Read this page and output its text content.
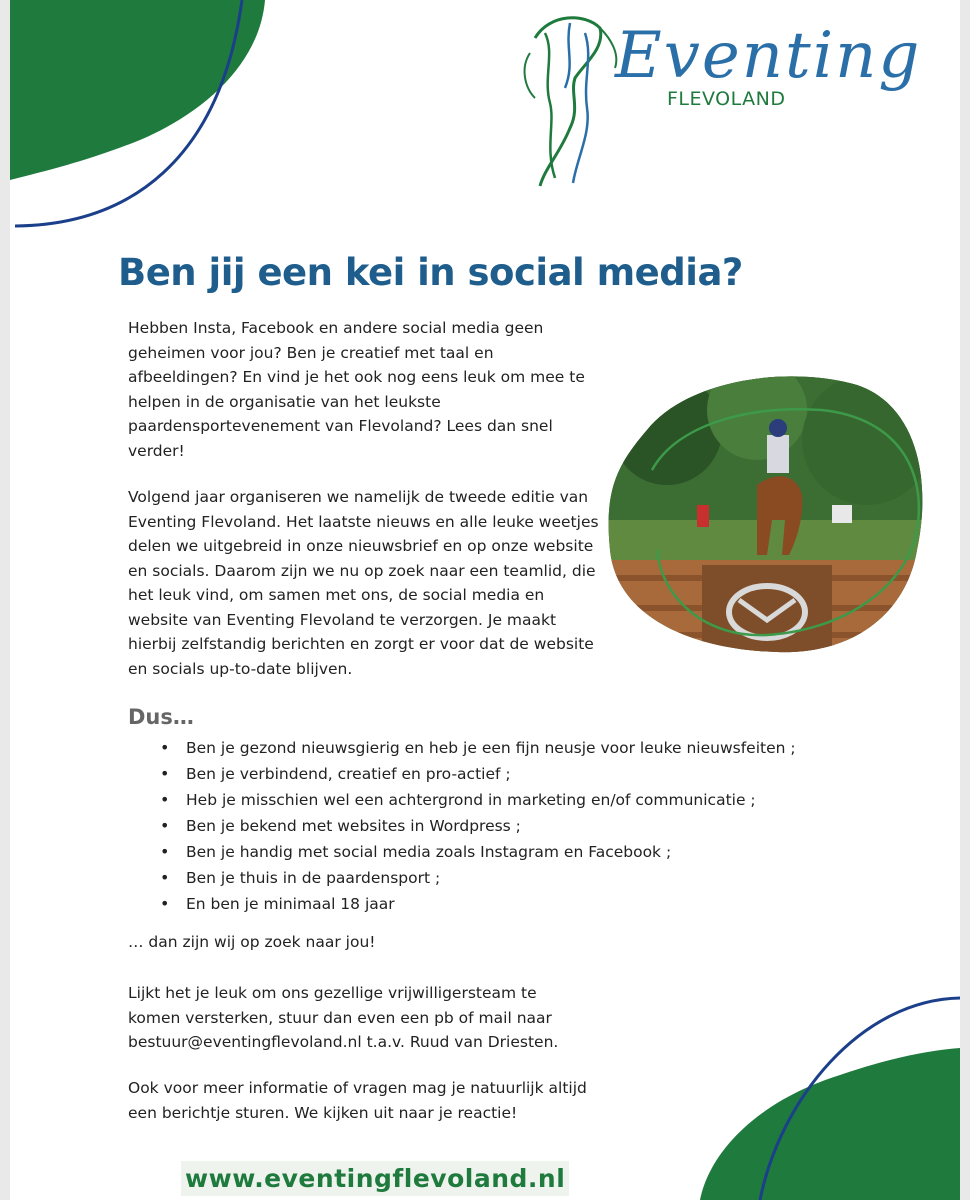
Eventing
FLEVOLAND
Ben jij een kei in social media?

Hebben Insta, Facebook en andere social media geen geheimen voor jou? Ben je creatief met taal en afbeeldingen? En vind je het ook nog eens leuk om mee te helpen in de organisatie van het leukste paardensportevenement van Flevoland? Lees dan snel verder!

Volgend jaar organiseren we namelijk de tweede editie van Eventing Flevoland. Het laatste nieuws en alle leuke weetjes delen we uitgebreid in onze nieuwsbrief en op onze website en socials. Daarom zijn we nu op zoek naar een teamlid, die het leuk vind, om samen met ons, de social media en website van Eventing Flevoland te verzorgen. Je maakt hierbij zelfstandig berichten en zorgt er voor dat de website en socials up-to-date blijven.

Dus…
• Ben je gezond nieuwsgierig en heb je een fijn neusje voor leuke nieuwsfeiten ;
• Ben je verbindend, creatief en pro-actief ;
• Heb je misschien wel een achtergrond in marketing en/of communicatie ;
• Ben je bekend met websites in Wordpress ;
• Ben je handig met social media zoals Instagram en Facebook ;
• Ben je thuis in de paardensport ;
• En ben je minimaal 18 jaar

… dan zijn wij op zoek naar jou!

Lijkt het je leuk om ons gezellige vrijwilligersteam te komen versterken, stuur dan even een pb of mail naar bestuur@eventingflevoland.nl t.a.v. Ruud van Driesten.

Ook voor meer informatie of vragen mag je natuurlijk altijd een berichtje sturen. We kijken uit naar je reactie!

www.eventingflevoland.nl
